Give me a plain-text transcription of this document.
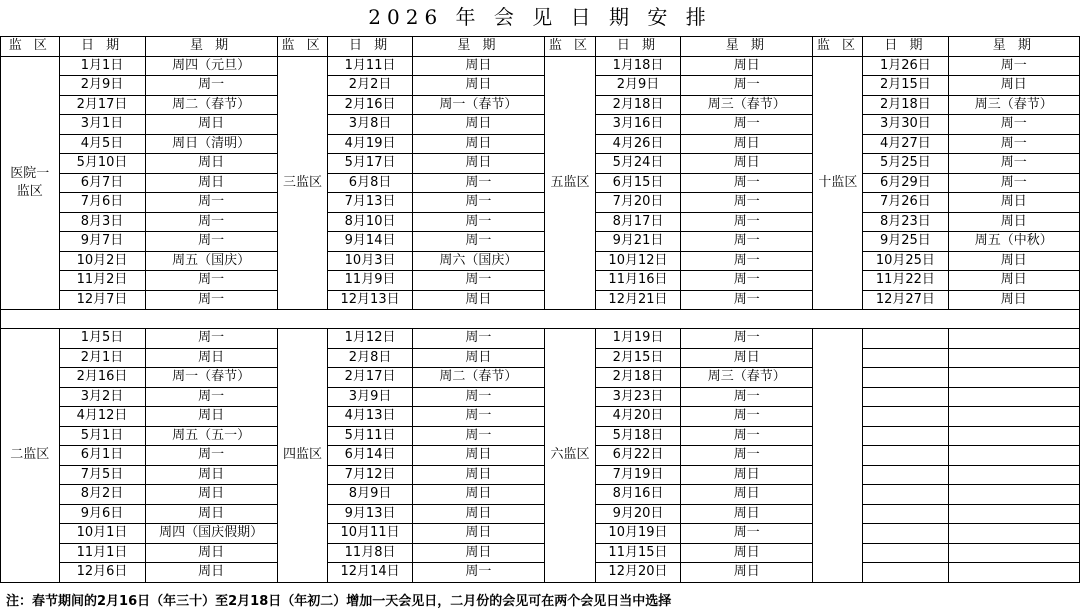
2026 年 会 见 日 期 安 排
监 区	日 期	星 期	监 区	日 期	星 期	监 区	日 期	星 期	监 区	日 期	星 期
医院一监区	1月1日	周四（元旦）	三监区	1月11日	周日	五监区	1月18日	周日	十监区	1月26日	周一
	2月9日	周一		2月2日	周日		2月9日	周一		2月15日	周日
	2月17日	周二（春节）		2月16日	周一（春节）		2月18日	周三（春节）		2月18日	周三（春节）
	3月1日	周日		3月8日	周日		3月16日	周一		3月30日	周一
	4月5日	周日（清明）		4月19日	周日		4月26日	周日		4月27日	周一
	5月10日	周日		5月17日	周日		5月24日	周日		5月25日	周一
	6月7日	周日		6月8日	周一		6月15日	周一		6月29日	周一
	7月6日	周一		7月13日	周一		7月20日	周一		7月26日	周日
	8月3日	周一		8月10日	周一		8月17日	周一		8月23日	周日
	9月7日	周一		9月14日	周一		9月21日	周一		9月25日	周五（中秋）
	10月2日	周五（国庆）		10月3日	周六（国庆）		10月12日	周一		10月25日	周日
	11月2日	周一		11月9日	周一		11月16日	周一		11月22日	周日
	12月7日	周一		12月13日	周日		12月21日	周一		12月27日	周日

二监区	1月5日	周一	四监区	1月12日	周一	六监区	1月19日	周一			
	2月1日	周日		2月8日	周日		2月15日	周日			
	2月16日	周一（春节）		2月17日	周二（春节）		2月18日	周三（春节）			
	3月2日	周一		3月9日	周一		3月23日	周一			
	4月12日	周日		4月13日	周一		4月20日	周一			
	5月1日	周五（五一）		5月11日	周一		5月18日	周一			
	6月1日	周一		6月14日	周日		6月22日	周一			
	7月5日	周日		7月12日	周日		7月19日	周日			
	8月2日	周日		8月9日	周日		8月16日	周日			
	9月6日	周日		9月13日	周日		9月20日	周日			
	10月1日	周四（国庆假期）		10月11日	周日		10月19日	周一			
	11月1日	周日		11月8日	周日		11月15日	周日			
	12月6日	周日		12月14日	周一		12月20日	周日			
注：春节期间的2月16日（年三十）至2月18日（年初二）增加一天会见日，二月份的会见可在两个会见日当中选择
